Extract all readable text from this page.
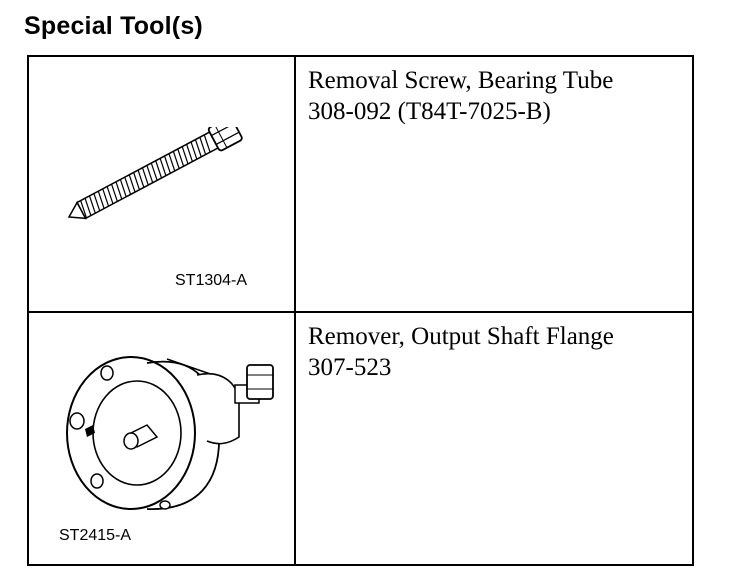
Special Tool(s)
ST1304-A
Removal Screw, Bearing Tube
308-092 (T84T-7025-B)
ST2415-A
Remover, Output Shaft Flange
307-523
